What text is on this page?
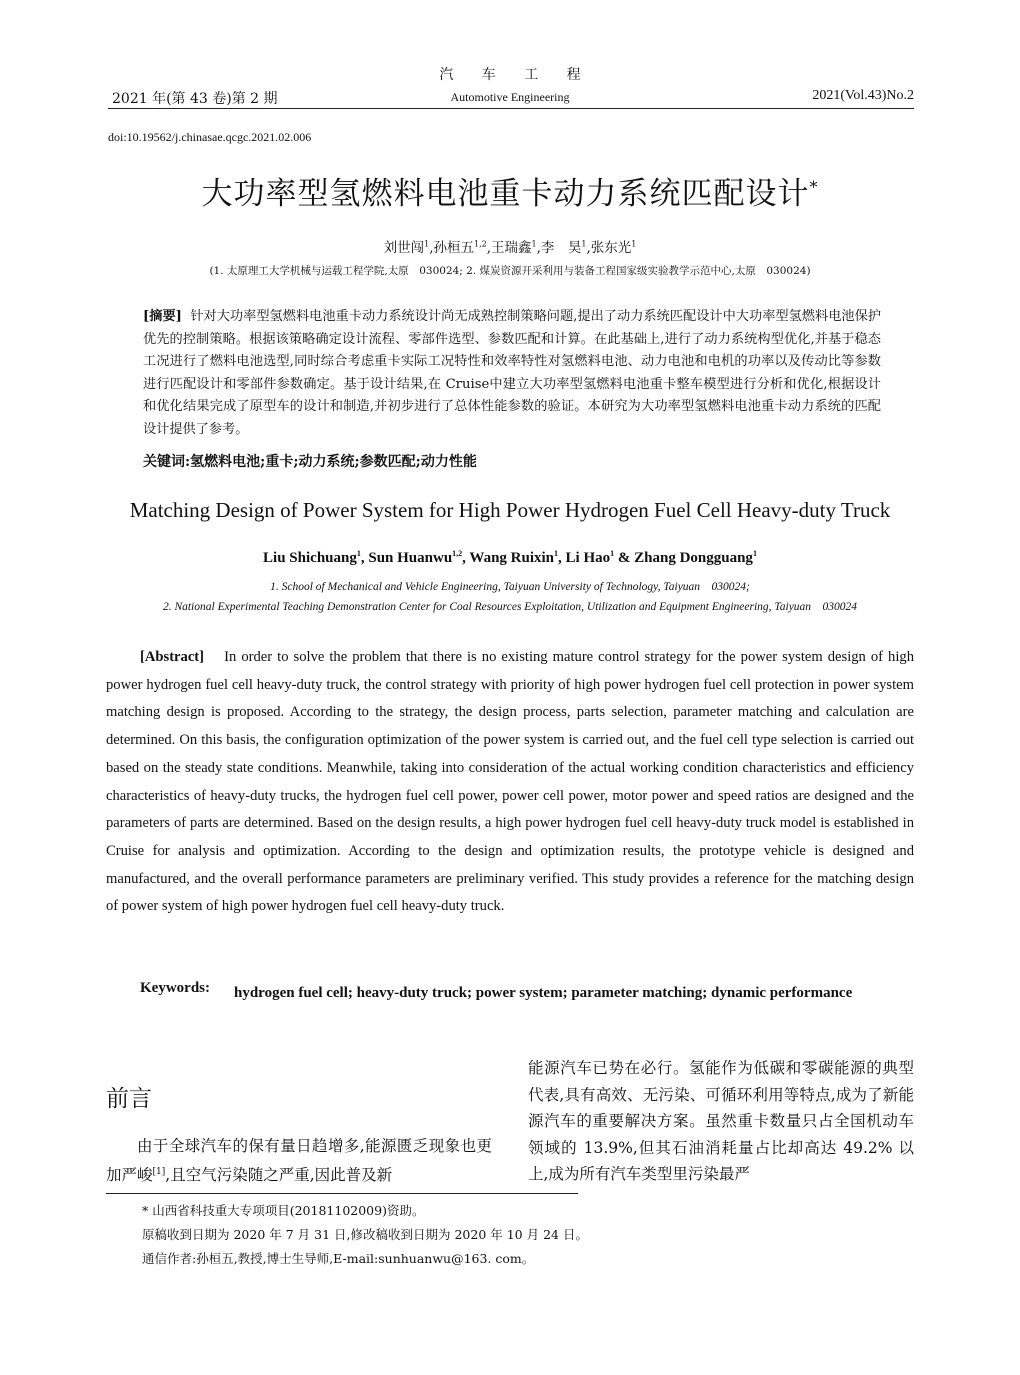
汽 车 工 程
2021 年(第 43 卷)第 2 期	Automotive Engineering	2021(Vol.43)No.2
doi:10.19562/j.chinasae.qcgc.2021.02.006
大功率型氢燃料电池重卡动力系统匹配设计*
刘世闯$^1$,孙桓五$^{1,2}$,王瑞鑫$^1$,李　昊$^1$,张东光$^1$
(1. 太原理工大学机械与运载工程学院,太原　030024; 2. 煤炭资源开采利用与装备工程国家级实验教学示范中心,太原　030024)
[摘要] 针对大功率型氢燃料电池重卡动力系统设计尚无成熟控制策略问题,提出了动力系统匹配设计中大功率型氢燃料电池保护优先的控制策略。根据该策略确定设计流程、零部件选型、参数匹配和计算。在此基础上,进行了动力系统构型优化,并基于稳态工况进行了燃料电池选型,同时综合考虑重卡实际工况特性和效率特性对氢燃料电池、动力电池和电机的功率以及传动比等参数进行匹配设计和零部件参数确定。基于设计结果,在 Cruise中建立大功率型氢燃料电池重卡整车模型进行分析和优化,根据设计和优化结果完成了原型车的设计和制造,并初步进行了总体性能参数的验证。本研究为大功率型氢燃料电池重卡动力系统的匹配设计提供了参考。
关键词:氢燃料电池;重卡;动力系统;参数匹配;动力性能
Matching Design of Power System for High Power Hydrogen Fuel Cell Heavy-duty Truck
Liu Shichuang$^1$, Sun Huanwu$^{1,2}$, Wang Ruixin$^1$, Li Hao$^1$ & Zhang Dongguang$^1$
1. School of Mechanical and Vehicle Engineering, Taiyuan University of Technology, Taiyuan　030024;
2. National Experimental Teaching Demonstration Center for Coal Resources Exploitation, Utilization and Equipment Engineering, Taiyuan　030024
[Abstract] In order to solve the problem that there is no existing mature control strategy for the power system design of high power hydrogen fuel cell heavy-duty truck, the control strategy with priority of high power hydrogen fuel cell protection in power system matching design is proposed. According to the strategy, the design process, parts selection, parameter matching and calculation are determined. On this basis, the configuration optimization of the power system is carried out, and the fuel cell type selection is carried out based on the steady state conditions. Meanwhile, taking into consideration of the actual working condition characteristics and efficiency characteristics of heavy-duty trucks, the hydrogen fuel cell power, power cell power, motor power and speed ratios are designed and the parameters of parts are determined. Based on the design results, a high power hydrogen fuel cell heavy-duty truck model is established in Cruise for analysis and optimization. According to the design and optimization results, the prototype vehicle is designed and manufactured, and the overall performance parameters are preliminary verified. This study provides a reference for the matching design of power system of high power hydrogen fuel cell heavy-duty truck.
Keywords: hydrogen fuel cell; heavy-duty truck; power system; parameter matching; dynamic performance
前言
由于全球汽车的保有量日趋增多,能源匮乏现象也更加严峻[1],且空气污染随之严重,因此普及新
能源汽车已势在必行。氢能作为低碳和零碳能源的典型代表,具有高效、无污染、可循环利用等特点,成为了新能源汽车的重要解决方案。虽然重卡数量只占全国机动车领域的 13.9%,但其石油消耗量占比却高达 49.2% 以上,成为所有汽车类型里污染最严
* 山西省科技重大专项项目(20181102009)资助。
原稿收到日期为 2020 年 7 月 31 日,修改稿收到日期为 2020 年 10 月 24 日。
通信作者:孙桓五,教授,博士生导师,E-mail:sunhuanwu@163. com。
